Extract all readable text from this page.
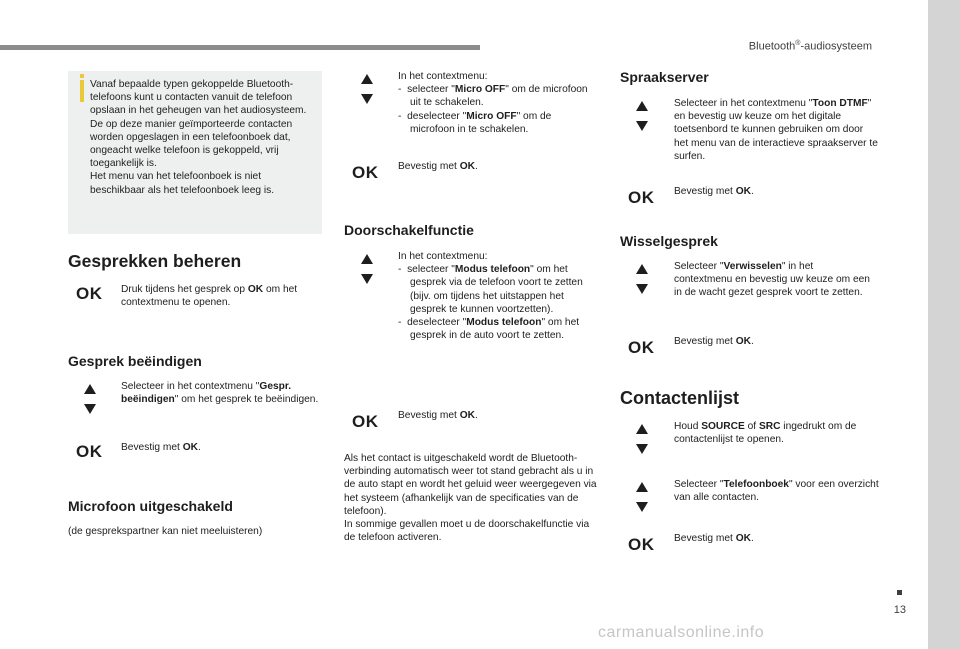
Bluetooth®-audiosysteem
Vanaf bepaalde typen gekoppelde Bluetooth-telefoons kunt u contacten vanuit de telefoon opslaan in het geheugen van het audiosysteem.
De op deze manier geïmporteerde contacten worden opgeslagen in een telefoonboek dat, ongeacht welke telefoon is gekoppeld, vrij toegankelijk is.
Het menu van het telefoonboek is niet beschikbaar als het telefoonboek leeg is.
Gesprekken beheren
OK Druk tijdens het gesprek op OK om het contextmenu te openen.
Gesprek beëindigen
Selecteer in het contextmenu "Gespr. beëindigen" om het gesprek te beëindigen.
OK Bevestig met OK.
Microfoon uitgeschakeld
(de gesprekspartner kan niet meeluisteren)
In het contextmenu:
- selecteer "Micro OFF" om de microfoon uit te schakelen.
- deselecteer "Micro OFF" om de microfoon in te schakelen.
OK Bevestig met OK.
Doorschakelfunctie
In het contextmenu:
- selecteer "Modus telefoon" om het gesprek via de telefoon voort te zetten (bijv. om tijdens het uitstappen het gesprek te kunnen voortzetten).
- deselecteer "Modus telefoon" om het gesprek in de auto voort te zetten.
OK Bevestig met OK.
Als het contact is uitgeschakeld wordt de Bluetooth-verbinding automatisch weer tot stand gebracht als u in de auto stapt en wordt het geluid weer weergegeven via het systeem (afhankelijk van de specificaties van de telefoon).
In sommige gevallen moet u de doorschakelfunctie via de telefoon activeren.
Spraakserver
Selecteer in het contextmenu "Toon DTMF" en bevestig uw keuze om het digitale toetsenbord te kunnen gebruiken om door het menu van de interactieve spraakserver te surfen.
OK Bevestig met OK.
Wisselgesprek
Selecteer "Verwisselen" in het contextmenu en bevestig uw keuze om een in de wacht gezet gesprek voort te zetten.
OK Bevestig met OK.
Contactenlijst
Houd SOURCE of SRC ingedrukt om de contactenlijst te openen.
Selecteer "Telefoonboek" voor een overzicht van alle contacten.
OK Bevestig met OK.
13
carmanualsonline.info
